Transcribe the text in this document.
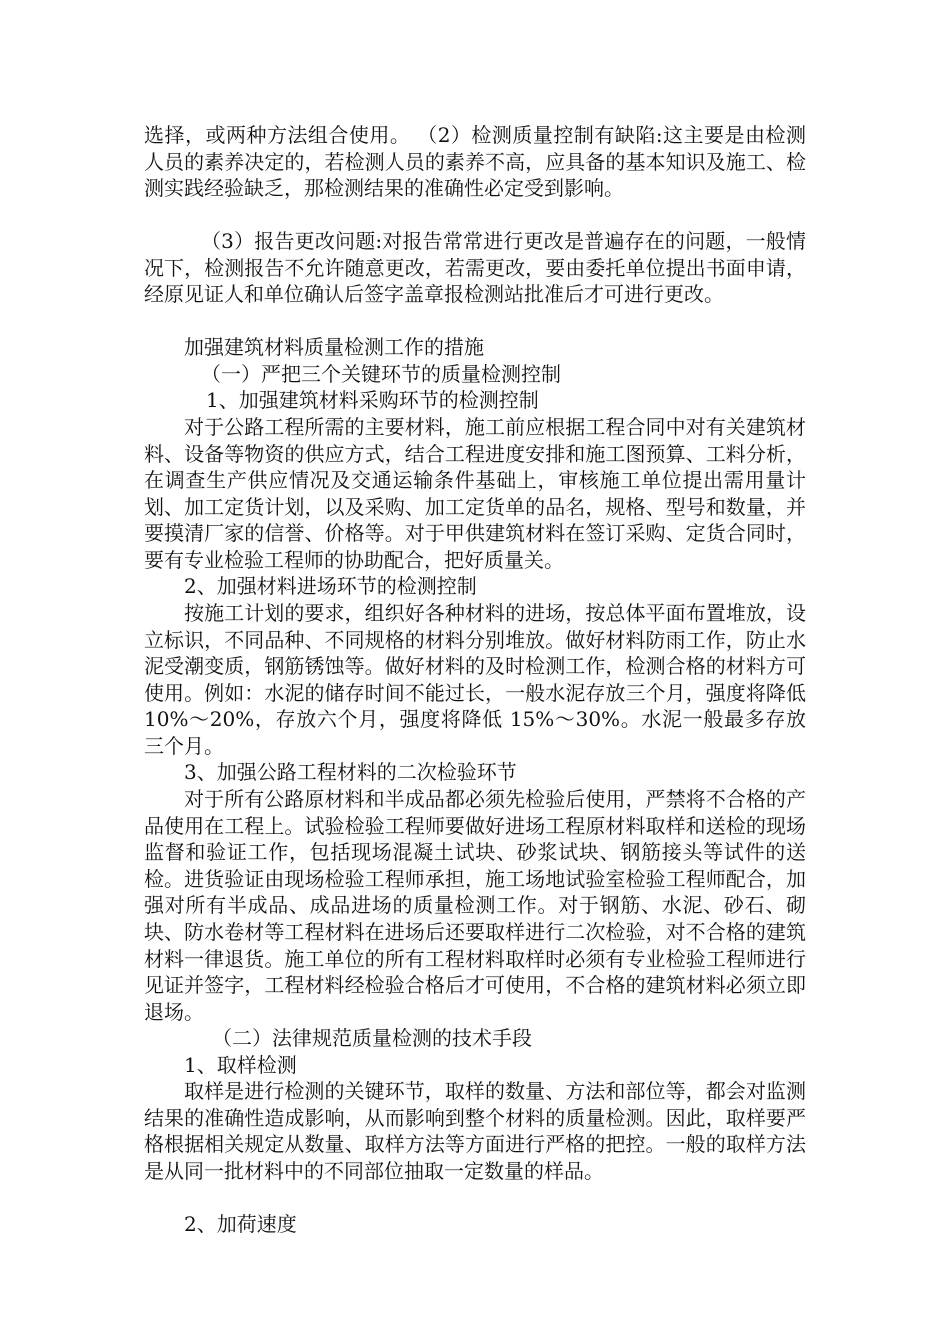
选择，或两种方法组合使用。 （2）检测质量控制有缺陷:这主要是由检测人员的素养决定的，若检测人员的素养不高，应具备的基本知识及施工、检测实践经验缺乏，那检测结果的准确性必定受到影响。

（3）报告更改问题:对报告常常进行更改是普遍存在的问题，一般情况下，检测报告不允许随意更改，若需更改，要由委托单位提出书面申请，经原见证人和单位确认后签字盖章报检测站批准后才可进行更改。

加强建筑材料质量检测工作的措施

（一）严把三个关键环节的质量检测控制

1、加强建筑材料采购环节的检测控制

对于公路工程所需的主要材料，施工前应根据工程合同中对有关建筑材料、设备等物资的供应方式，结合工程进度安排和施工图预算、工料分析，在调查生产供应情况及交通运输条件基础上，审核施工单位提出需用量计划、加工定货计划，以及采购、加工定货单的品名，规格、型号和数量，并要摸清厂家的信誉、价格等。对于甲供建筑材料在签订采购、定货合同时，要有专业检验工程师的协助配合，把好质量关。

2、加强材料进场环节的检测控制

按施工计划的要求，组织好各种材料的进场，按总体平面布置堆放，设立标识，不同品种、不同规格的材料分别堆放。做好材料防雨工作，防止水泥受潮变质，钢筋锈蚀等。做好材料的及时检测工作，检测合格的材料方可使用。例如：水泥的储存时间不能过长，一般水泥存放三个月，强度将降低 10%～20%，存放六个月，强度将降低 15%～30%。水泥一般最多存放三个月。

3、加强公路工程材料的二次检验环节

对于所有公路原材料和半成品都必须先检验后使用，严禁将不合格的产品使用在工程上。试验检验工程师要做好进场工程原材料取样和送检的现场监督和验证工作，包括现场混凝土试块、砂浆试块、钢筋接头等试件的送检。进货验证由现场检验工程师承担，施工场地试验室检验工程师配合，加强对所有半成品、成品进场的质量检测工作。对于钢筋、水泥、砂石、砌块、防水卷材等工程材料在进场后还要取样进行二次检验，对不合格的建筑材料一律退货。施工单位的所有工程材料取样时必须有专业检验工程师进行见证并签字，工程材料经检验合格后才可使用，不合格的建筑材料必须立即退场。

（二）法律规范质量检测的技术手段

1、取样检测

取样是进行检测的关键环节，取样的数量、方法和部位等，都会对监测结果的准确性造成影响，从而影响到整个材料的质量检测。因此，取样要严格根据相关规定从数量、取样方法等方面进行严格的把控。一般的取样方法是从同一批材料中的不同部位抽取一定数量的样品。

2、加荷速度
